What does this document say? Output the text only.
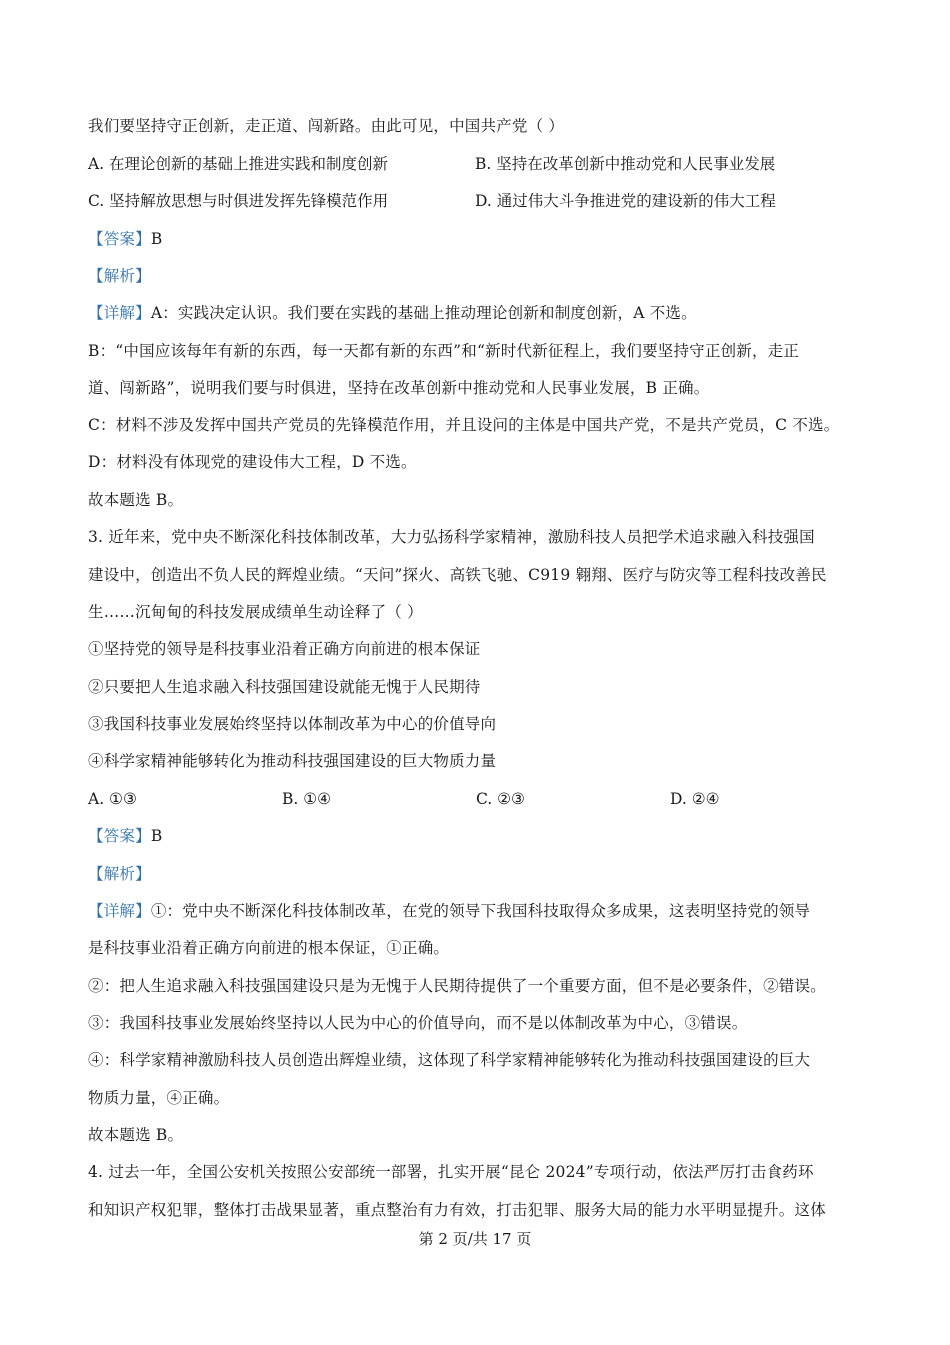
我们要坚持守正创新，走正道、闯新路。由此可见，中国共产党（ ）
A. 在理论创新的基础上推进实践和制度创新	B. 坚持在改革创新中推动党和人民事业发展
C. 坚持解放思想与时俱进发挥先锋模范作用	D. 通过伟大斗争推进党的建设新的伟大工程
【答案】B
【解析】
【详解】A：实践决定认识。我们要在实践的基础上推动理论创新和制度创新，A 不选。
B：“中国应该每年有新的东西，每一天都有新的东西”和“新时代新征程上，我们要坚持守正创新，走正
道、闯新路”，说明我们要与时俱进，坚持在改革创新中推动党和人民事业发展，B 正确。
C：材料不涉及发挥中国共产党员的先锋模范作用，并且设问的主体是中国共产党，不是共产党员，C 不选。
D：材料没有体现党的建设伟大工程，D 不选。
故本题选 B。
3. 近年来，党中央不断深化科技体制改革，大力弘扬科学家精神，激励科技人员把学术追求融入科技强国
建设中，创造出不负人民的辉煌业绩。“天问”探火、高铁飞驰、C919 翱翔、医疗与防灾等工程科技改善民
生……沉甸甸的科技发展成绩单生动诠释了（ ）
①坚持党的领导是科技事业沿着正确方向前进的根本保证
②只要把人生追求融入科技强国建设就能无愧于人民期待
③我国科技事业发展始终坚持以体制改革为中心的价值导向
④科学家精神能够转化为推动科技强国建设的巨大物质力量
A. ①③	B. ①④	C. ②③	D. ②④
【答案】B
【解析】
【详解】①：党中央不断深化科技体制改革，在党的领导下我国科技取得众多成果，这表明坚持党的领导
是科技事业沿着正确方向前进的根本保证，①正确。
②：把人生追求融入科技强国建设只是为无愧于人民期待提供了一个重要方面，但不是必要条件，②错误。
③：我国科技事业发展始终坚持以人民为中心的价值导向，而不是以体制改革为中心，③错误。
④：科学家精神激励科技人员创造出辉煌业绩，这体现了科学家精神能够转化为推动科技强国建设的巨大
物质力量，④正确。
故本题选 B。
4. 过去一年，全国公安机关按照公安部统一部署，扎实开展“昆仑 2024”专项行动，依法严厉打击食药环
和知识产权犯罪，整体打击战果显著，重点整治有力有效，打击犯罪、服务大局的能力水平明显提升。这体
第 2 页/共 17 页
